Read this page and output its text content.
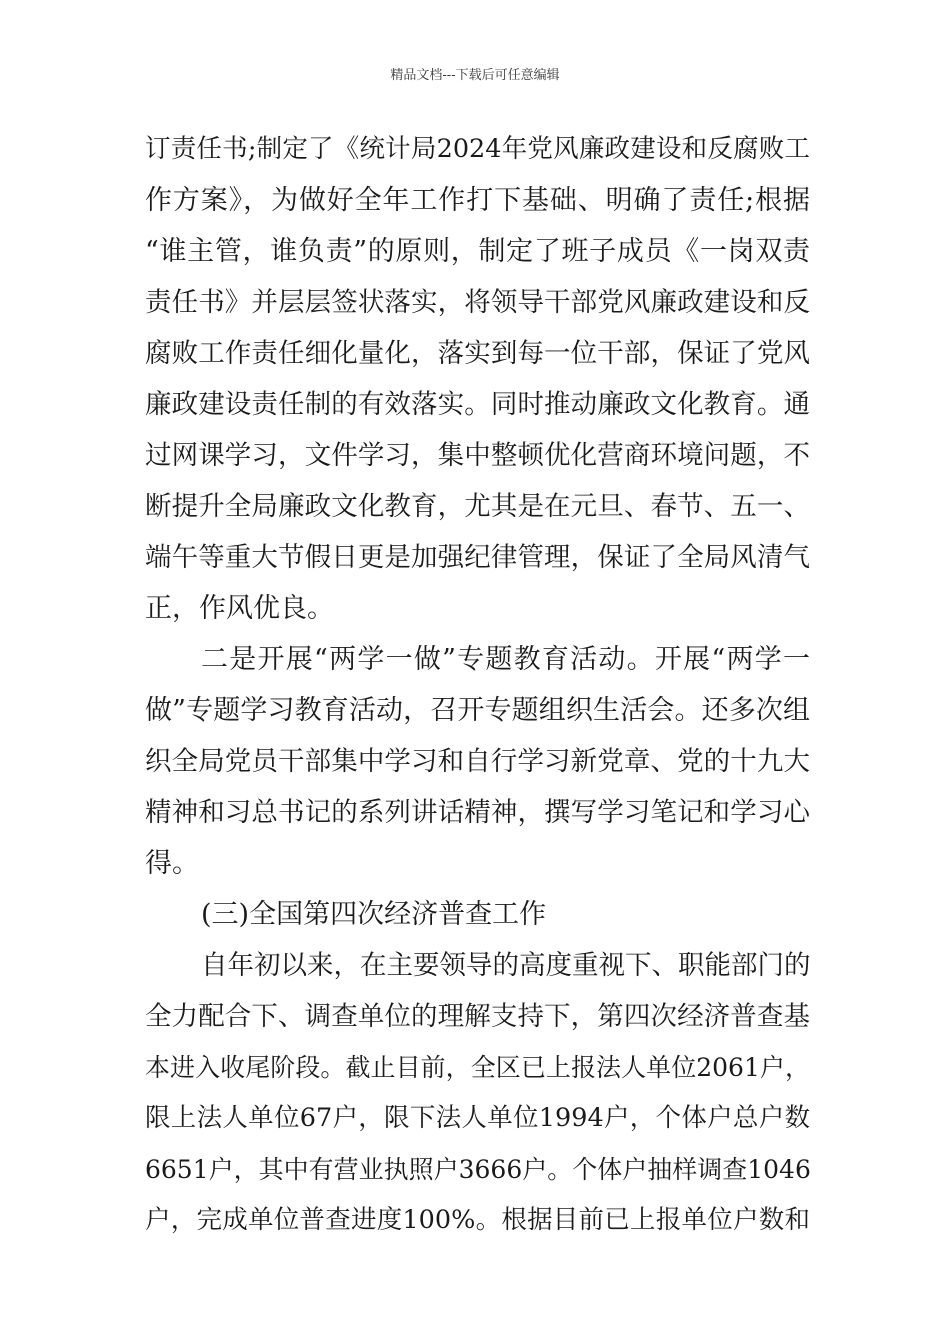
精品文档---下载后可任意编辑
订责任书;制定了《统计局2024年党风廉政建设和反腐败工
作方案》，为做好全年工作打下基础、明确了责任;根据
“谁主管，谁负责”的原则，制定了班子成员《一岗双责
责任书》并层层签状落实，将领导干部党风廉政建设和反
腐败工作责任细化量化，落实到每一位干部，保证了党风
廉政建设责任制的有效落实。同时推动廉政文化教育。通
过网课学习，文件学习，集中整顿优化营商环境问题，不
断提升全局廉政文化教育，尤其是在元旦、春节、五一、
端午等重大节假日更是加强纪律管理，保证了全局风清气
正，作风优良。
二是开展“两学一做”专题教育活动。开展“两学一
做”专题学习教育活动，召开专题组织生活会。还多次组
织全局党员干部集中学习和自行学习新党章、党的十九大
精神和习总书记的系列讲话精神，撰写学习笔记和学习心
得。
(三)全国第四次经济普查工作
自年初以来，在主要领导的高度重视下、职能部门的
全力配合下、调查单位的理解支持下，第四次经济普查基
本进入收尾阶段。截止目前，全区已上报法人单位2061户，
限上法人单位67户，限下法人单位1994户，个体户总户数
6651户，其中有营业执照户3666户。个体户抽样调查1046
户，完成单位普查进度100%。根据目前已上报单位户数和
